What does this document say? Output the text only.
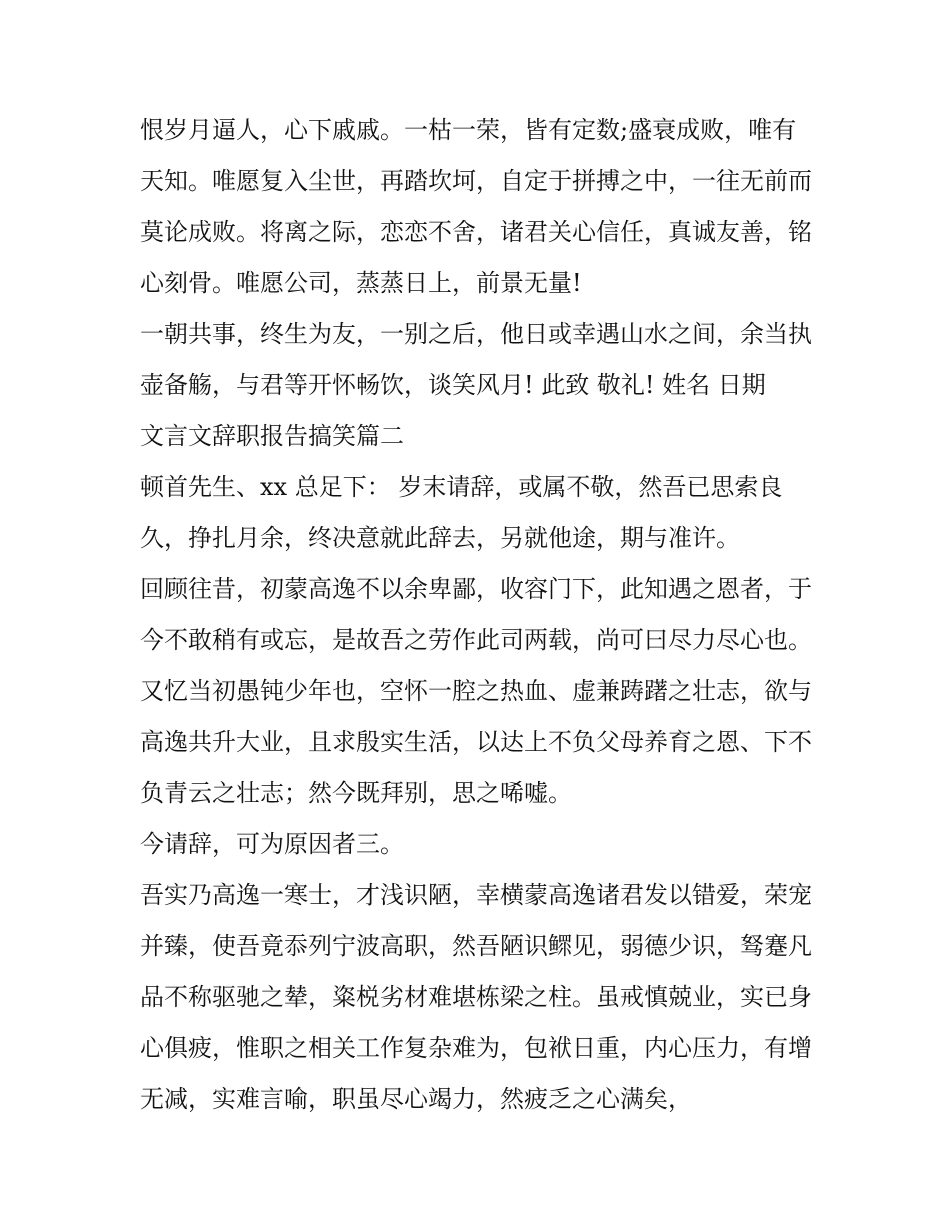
恨岁月逼人，心下戚戚。一枯一荣，皆有定数;盛衰成败，唯有天知。唯愿复入尘世，再踏坎坷，自定于拼搏之中，一往无前而莫论成败。将离之际，恋恋不舍，诸君关心信任，真诚友善，铭心刻骨。唯愿公司，蒸蒸日上，前景无量!

一朝共事，终生为友，一别之后，他日或幸遇山水之间，余当执壶备觞，与君等开怀畅饮，谈笑风月! 此致 敬礼! 姓名 日期

文言文辞职报告搞笑篇二

顿首先生、xx 总足下： 岁末请辞，或属不敬，然吾已思索良久，挣扎月余，终决意就此辞去，另就他途，期与准许。

回顾往昔，初蒙高逸不以余卑鄙，收容门下，此知遇之恩者，于今不敢稍有或忘，是故吾之劳作此司两载，尚可曰尽力尽心也。又忆当初愚钝少年也，空怀一腔之热血、虚兼踌躇之壮志，欲与高逸共升大业，且求殷实生活，以达上不负父母养育之恩、下不负青云之壮志；然今既拜别，思之唏嘘。

今请辞，可为原因者三。

吾实乃高逸一寒士，才浅识陋，幸横蒙高逸诸君发以错爱，荣宠并臻，使吾竟忝列宁波高职，然吾陋识鳏见，弱德少识，驽蹇凡品不称驱驰之辇，粢棁劣材难堪栋梁之柱。虽戒慎兢业，实已身心俱疲，惟职之相关工作复杂难为，包袱日重，内心压力，有增无减，实难言喻，职虽尽心竭力，然疲乏之心满矣，
